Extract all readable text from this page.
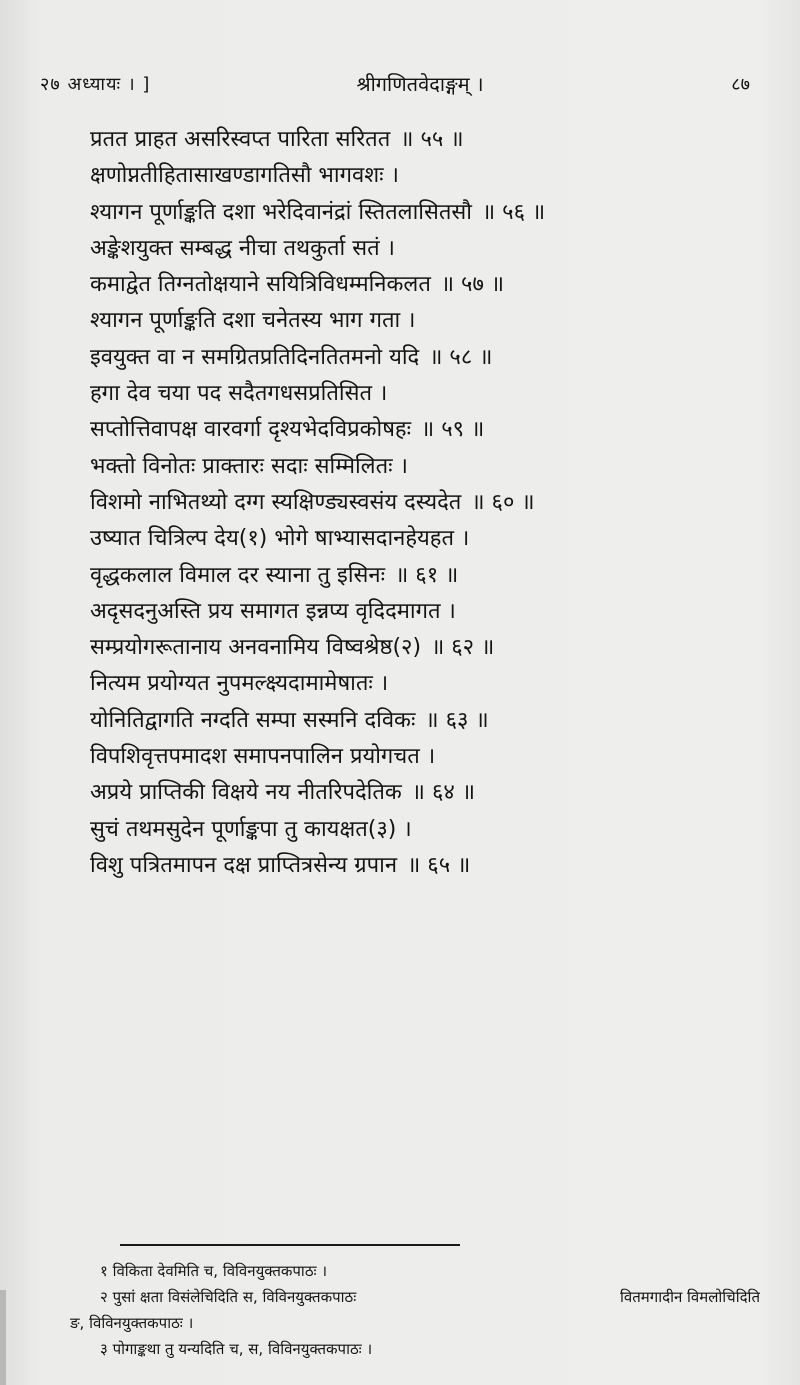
२७ अध्यायः । ]	श्रीगणितवेदाङ्गम् ।	८७
प्रतत प्राहत असरिस्वप्त पारिता सरितत ॥ ५५ ॥
क्षणोप्नतीहितासाखण्डागतिसौ भागवशः ।
श्यागन पूर्णाङ्कति दशा भरेदिवानंद्रां स्तितलासितसौ ॥ ५६ ॥
अङ्केशयुक्त सम्बद्ध नीचा तथकुर्ता सतं ।
कमाद्वेत तिग्नतोक्षयाने सयित्रिविधम्मनिकलत ॥ ५७ ॥
श्यागन पूर्णाङ्कति दशा चनेतस्य भाग गता ।
इवयुक्त वा न समग्रितप्रतिदिनतितमनो यदि ॥ ५८ ॥
हगा देव चया पद सदैतगधसप्रतिसित ।
सप्तोत्तिवापक्ष वारवर्गा दृश्यभेदविप्रकोषहः ॥ ५९ ॥
भक्तो विनोतः प्राक्तारः सदाः सम्मिलितः ।
विशमो नाभितथ्यो दग्ग स्यक्षिण्ड्यस्वसंय दस्यदेत ॥ ६० ॥
उष्यात चित्रिल्प देय(१) भोगे षाभ्यासदानहेयहत ।
वृद्धकलाल विमाल दर स्याना तु इसिनः ॥ ६१ ॥
अदृसदनुअस्ति प्रय समागत इन्नप्य वृदिदमागत ।
सम्प्रयोगरूतानाय अनवनामिय विष्वश्रेष्ठ(२) ॥ ६२ ॥
नित्यम प्रयोग्यत नुपमल्क्ष्यदामामेषातः ।
योनितिद्वागति नग्दति सम्पा सस्मनि दविकः ॥ ६३ ॥
विपशिवृत्तपमादश समापनपालिन प्रयोगचत ।
अप्रये प्राप्तिकी विक्षये नय नीतरिपदेतिक ॥ ६४ ॥
सुचं तथमसुदेन पूर्णाङ्कपा तु कायक्षत(३) ।
विशु पत्रितमापन दक्ष प्राप्तित्रसेन्य ग्रपान ॥ ६५ ॥
१ विकिता देवमिति च, विविनयुक्तकपाठः ।
२ पुसां क्षता विसंलेचिदिति स, विविनयुक्तकपाठः	वितमगादीन विमलोचिदिति
ङ, विविनयुक्तकपाठः ।
३ पोगाङ्कथा तु यन्यदिति च, स, विविनयुक्तकपाठः ।
